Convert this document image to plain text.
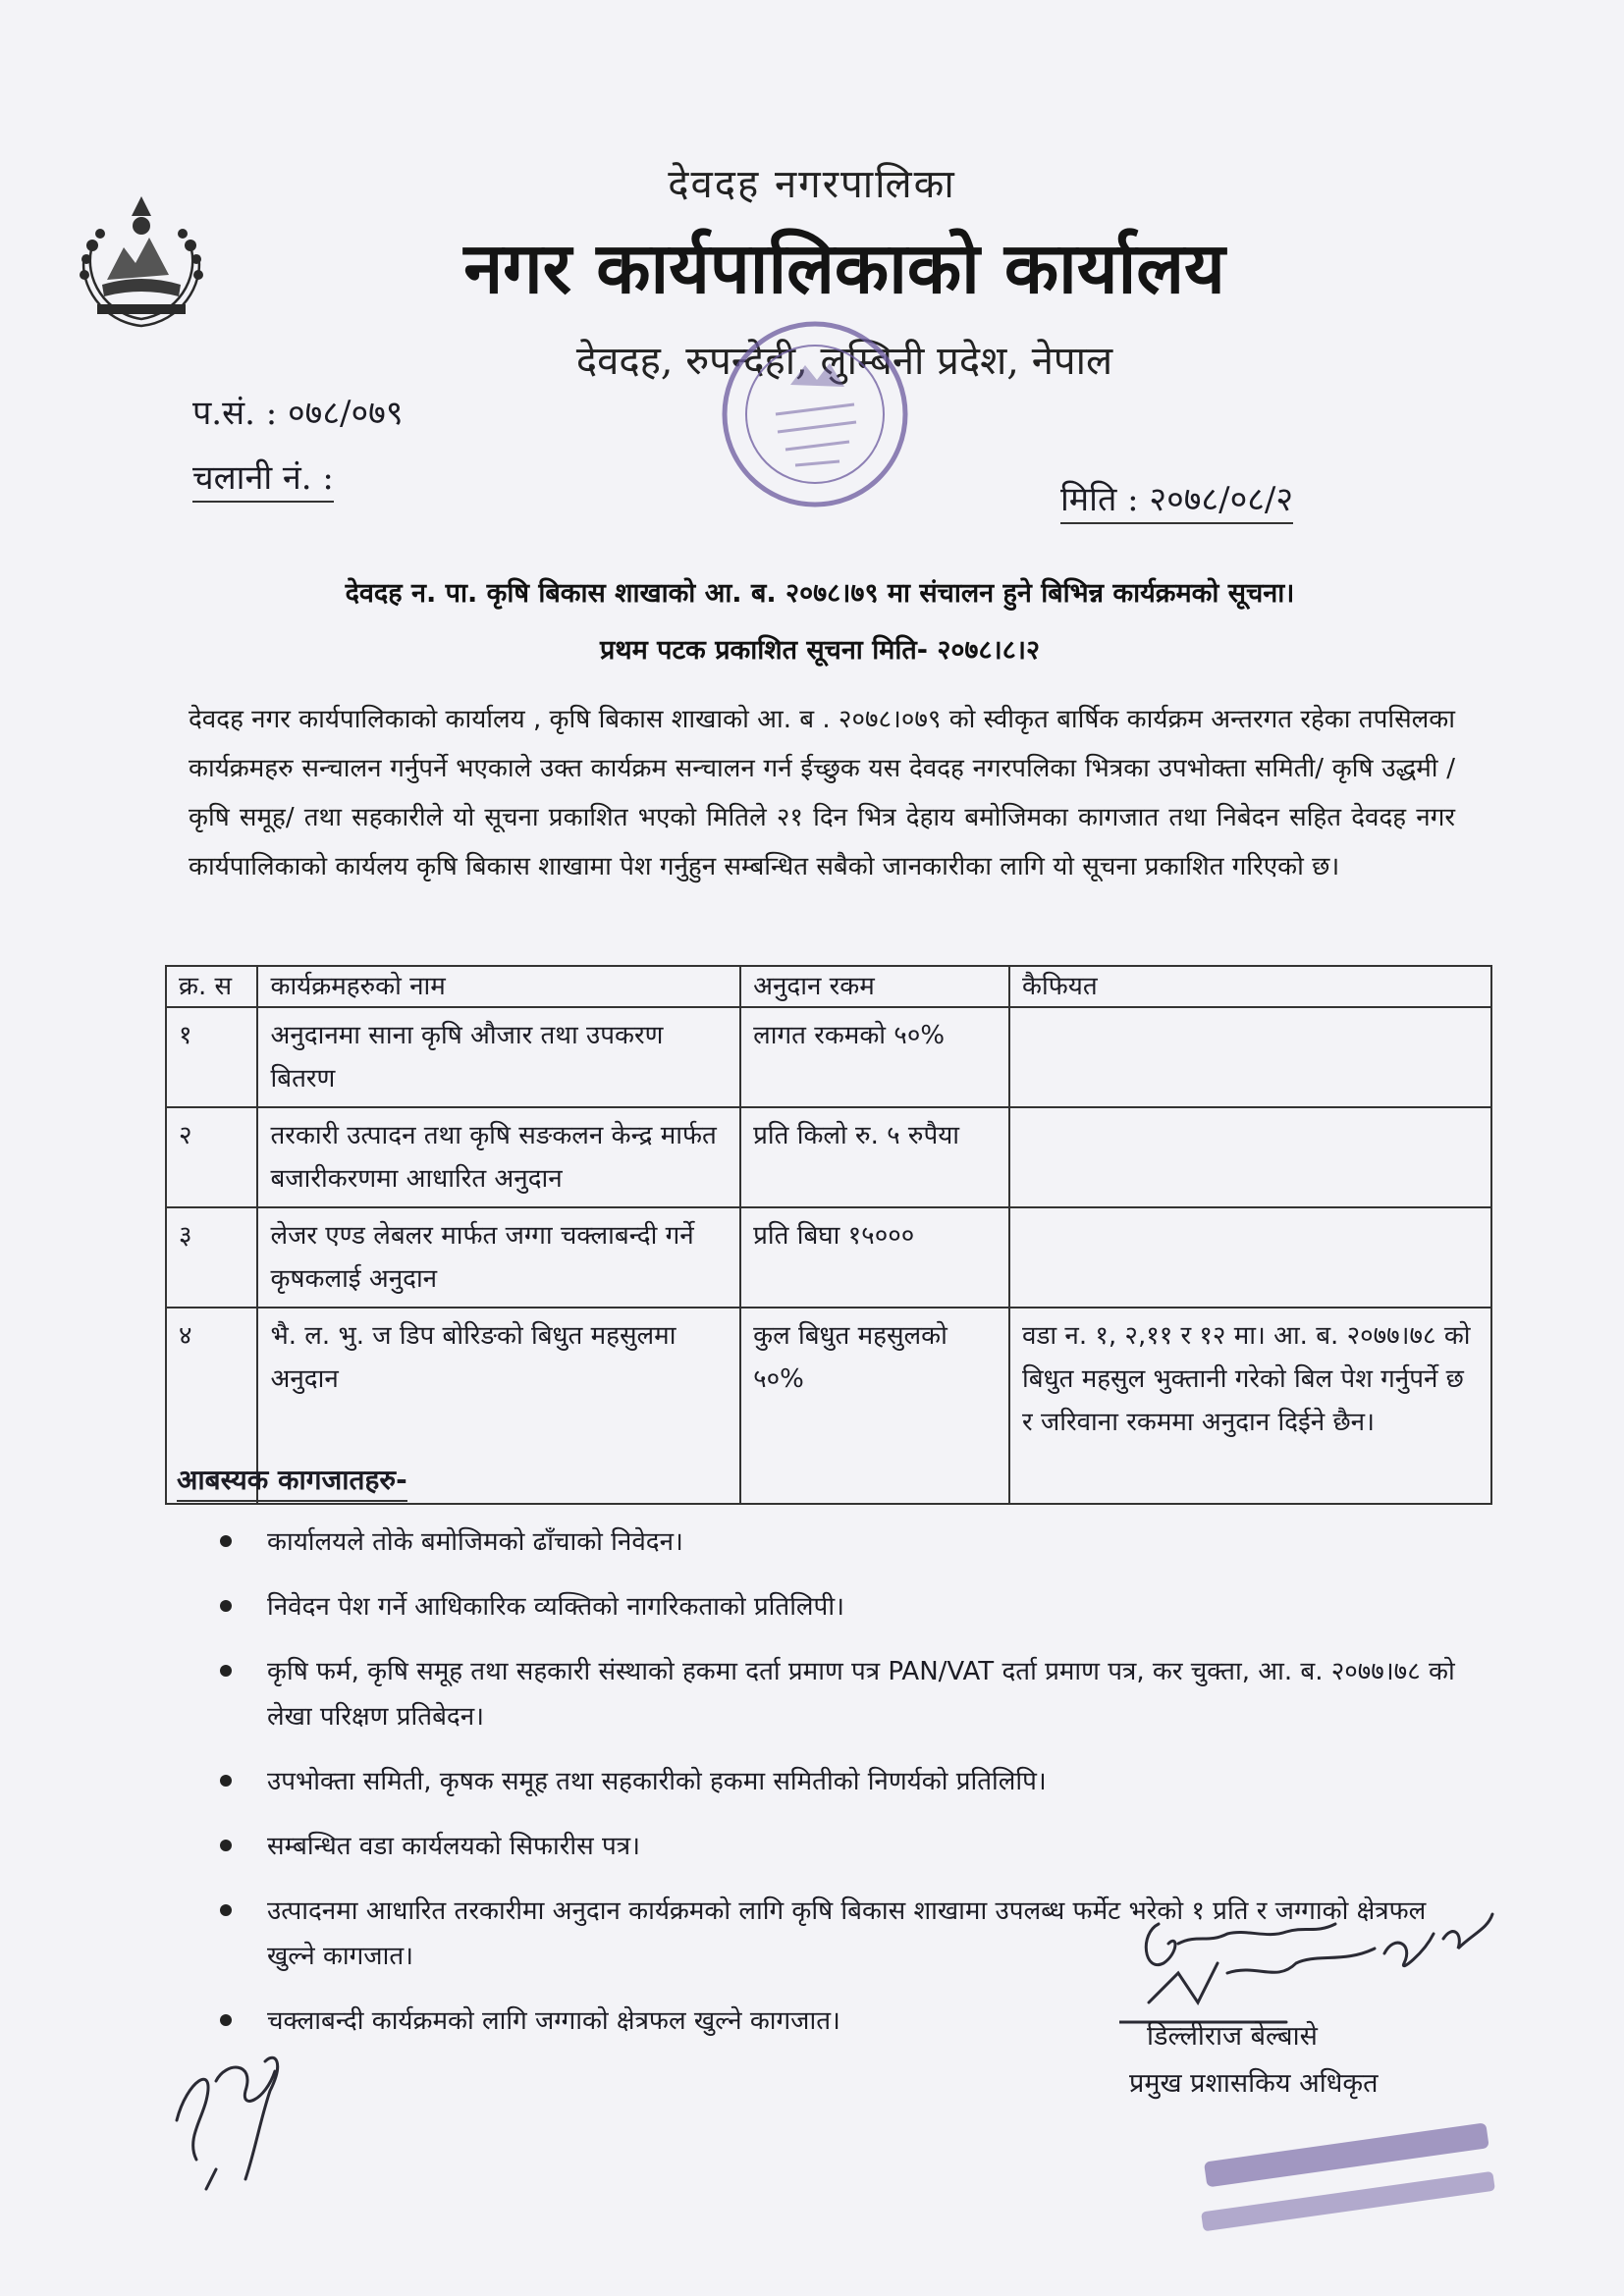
देवदह नगरपालिका
नगर कार्यपालिकाको कार्यालय
देवदह, रुपन्देही, लुम्बिनी प्रदेश, नेपाल
प.सं. : ०७८/०७९
चलानी नं. :
मिति : २०७८/०८/२
देवदह न. पा. कृषि बिकास शाखाको आ. ब. २०७८।७९ मा संचालन हुने बिभिन्न कार्यक्रमको सूचना।
प्रथम पटक प्रकाशित सूचना मिति- २०७८।८।२
देवदह नगर कार्यपालिकाको कार्यालय , कृषि बिकास शाखाको आ. ब . २०७८।०७९ को स्वीकृत बार्षिक कार्यक्रम अन्तरगत रहेका तपसिलका कार्यक्रमहरु सन्चालन गर्नुपर्ने भएकाले उक्त कार्यक्रम सन्चालन गर्न ईच्छुक यस देवदह नगरपलिका भित्रका उपभोक्ता समिती/ कृषि उद्धमी / कृषि समूह/ तथा सहकारीले यो सूचना प्रकाशित भएको मितिले २१ दिन भित्र देहाय बमोजिमका कागजात तथा निबेदन सहित देवदह नगर कार्यपालिकाको कार्यलय कृषि बिकास शाखामा पेश गर्नुहुन सम्बन्धित सबैको जानकारीका लागि यो सूचना प्रकाशित गरिएको छ।
क्र. स	कार्यक्रमहरुको नाम	अनुदान रकम	कैफियत
१	अनुदानमा साना कृषि औजार तथा उपकरण बितरण	लागत रकमको ५०%	
२	तरकारी उत्पादन तथा कृषि सङकलन केन्द्र मार्फत बजारीकरणमा आधारित अनुदान	प्रति किलो रु. ५ रुपैया	
३	लेजर एण्ड लेबलर मार्फत जग्गा चक्लाबन्दी गर्ने कृषकलाई अनुदान	प्रति बिघा १५०००	
४	भै. ल. भु. ज डिप बोरिङको बिधुत महसुलमा अनुदान	कुल बिधुत महसुलको ५०%	वडा न. १, २,११ र १२ मा। आ. ब. २०७७।७८ को बिधुत महसुल भुक्तानी गरेको बिल पेश गर्नुपर्ने छ र जरिवाना रकममा अनुदान दिईने छैन।
आबस्यक कागजातहरु-
कार्यालयले तोके बमोजिमको ढाँचाको निवेदन।
निवेदन पेश गर्ने आधिकारिक व्यक्तिको नागरिकताको प्रतिलिपी।
कृषि फर्म, कृषि समूह तथा सहकारी संस्थाको हकमा दर्ता प्रमाण पत्र PAN/VAT दर्ता प्रमाण पत्र, कर चुक्ता, आ. ब. २०७७।७८ को लेखा परिक्षण प्रतिबेदन।
उपभोक्ता समिती, कृषक समूह तथा सहकारीको हकमा समितीको निणर्यको प्रतिलिपि।
सम्बन्धित वडा कार्यलयको सिफारीस पत्र।
उत्पादनमा आधारित तरकारीमा अनुदान कार्यक्रमको लागि कृषि बिकास शाखामा उपलब्ध फर्मेट भरेको १ प्रति र जग्गाको क्षेत्रफल खुल्ने कागजात।
चक्लाबन्दी कार्यक्रमको लागि जग्गाको क्षेत्रफल खुल्ने कागजात।	डिल्लीराज बेल्बासे
प्रमुख प्रशासकिय अधिकृत
